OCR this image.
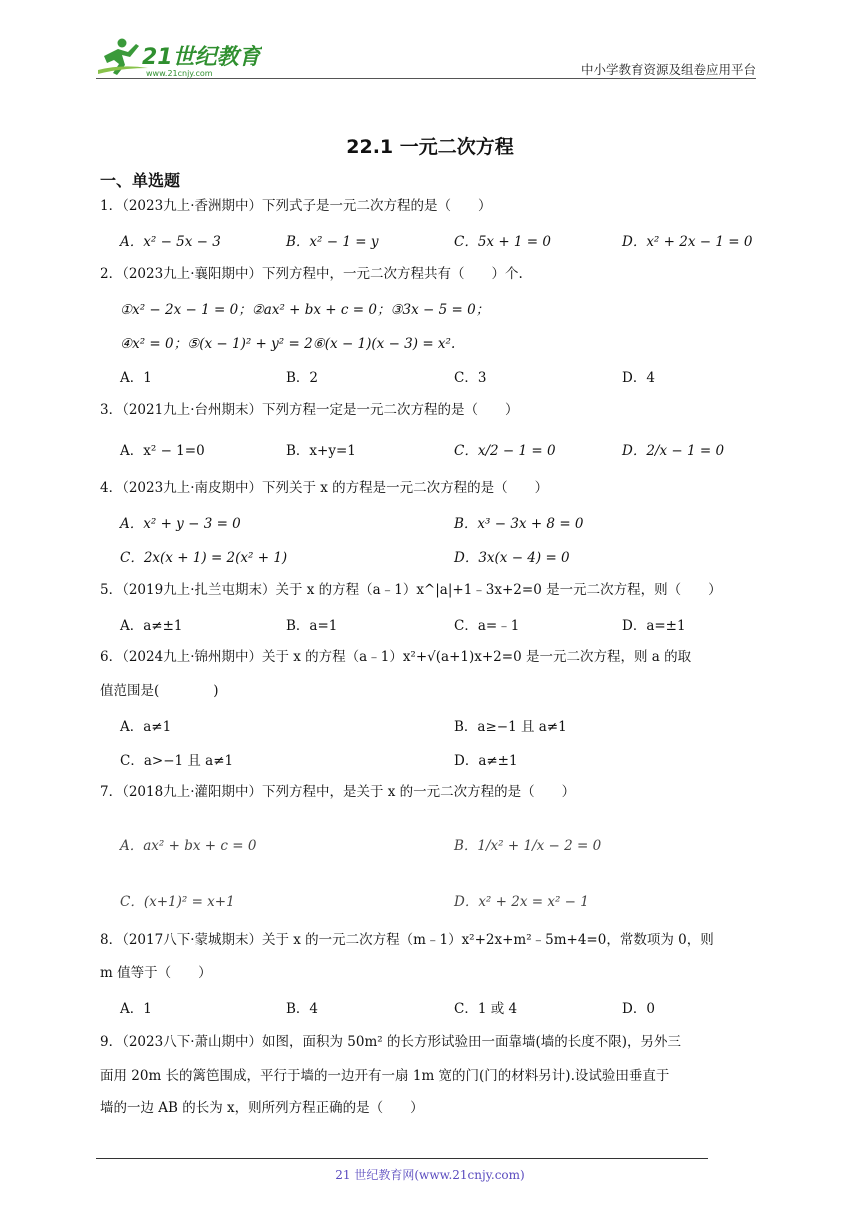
21世纪教育
www.21cnjy.com	中小学教育资源及组卷应用平台
22.1 一元二次方程
一、单选题
1．（2023九上·香洲期中）下列式子是一元二次方程的是（　　）
A．x² − 5x − 3	B．x² − 1 = y	C．5x + 1 = 0	D．x² + 2x − 1 = 0
2．（2023九上·襄阳期中）下列方程中，一元二次方程共有（　　）个.
①x² − 2x − 1 = 0；②ax² + bx + c = 0；③3x − 5 = 0；
④x² = 0；⑤(x − 1)² + y² = 2⑥(x − 1)(x − 3) = x².
A．1	B．2	C．3	D．4
3．（2021九上·台州期末）下列方程一定是一元二次方程的是（　　）
A．x² − 1=0	B．x+y=1	C．x/2 − 1 = 0	D．2/x − 1 = 0
4．（2023九上·南皮期中）下列关于 x 的方程是一元二次方程的是（　　）
A．x² + y − 3 = 0	B．x³ − 3x + 8 = 0
C．2x(x + 1) = 2(x² + 1)	D．3x(x − 4) = 0
5．（2019九上·扎兰屯期末）关于 x 的方程（a﹣1）x^|a|+1﹣3x+2=0 是一元二次方程，则（　　）
A．a≠±1	B．a=1	C．a=﹣1	D．a=±1
6．（2024九上·锦州期中）关于 x 的方程（a﹣1）x²+√(a+1)x+2=0 是一元二次方程，则 a 的取
值范围是(　　　　)
A．a≠1	B．a≥−1 且 a≠1
C．a>−1 且 a≠1	D．a≠±1
7．（2018九上·灌阳期中）下列方程中，是关于 x 的一元二次方程的是（　　）
A．ax² + bx + c = 0	B．1/x² + 1/x − 2 = 0
C．(x+1)² = x+1	D．x² + 2x = x² − 1
8．（2017八下·蒙城期末）关于 x 的一元二次方程（m﹣1）x²+2x+m²﹣5m+4=0，常数项为 0，则
m 值等于（　　）
A．1	B．4	C．1 或 4	D．0
9．（2023八下·萧山期中）如图，面积为 50m² 的长方形试验田一面靠墙(墙的长度不限)，另外三
面用 20m 长的篱笆围成，平行于墙的一边开有一扇 1m 宽的门(门的材料另计).设试验田垂直于
墙的一边 AB 的长为 x，则所列方程正确的是（　　）
21 世纪教育网(www.21cnjy.com)
